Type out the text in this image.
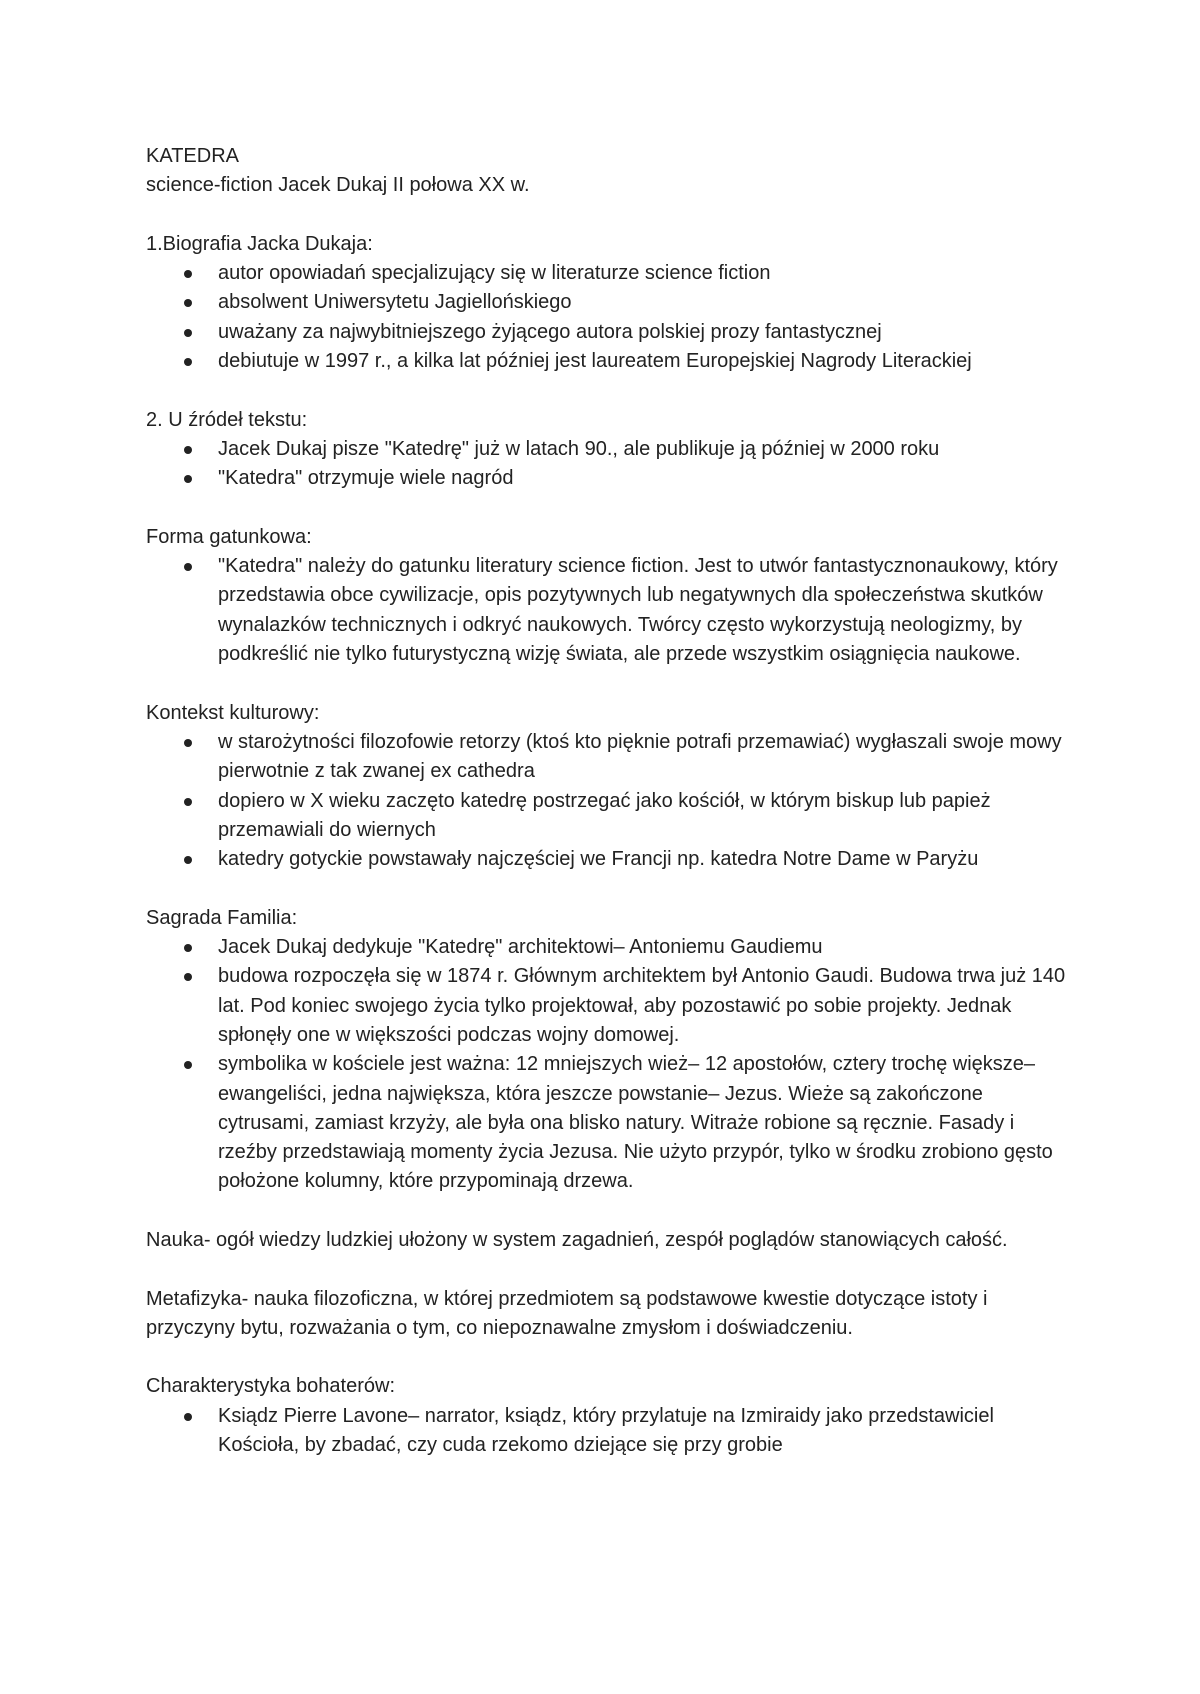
KATEDRA

science-fiction Jacek Dukaj II połowa XX w.

1.Biografia Jacka Dukaja:

autor opowiadań specjalizujący się w literaturze science fiction
absolwent Uniwersytetu Jagiellońskiego
uważany za najwybitniejszego żyjącego autora polskiej prozy fantastycznej
debiutuje w 1997 r., a kilka lat później jest laureatem Europejskiej Nagrody Literackiej

2. U źródeł tekstu:

Jacek Dukaj pisze "Katedrę" już w latach 90., ale publikuje ją później w 2000 roku
"Katedra" otrzymuje wiele nagród

Forma gatunkowa:

"Katedra" należy do gatunku literatury science fiction. Jest to utwór fantastycznonaukowy, który przedstawia obce cywilizacje, opis pozytywnych lub negatywnych dla społeczeństwa skutków wynalazków technicznych i odkryć naukowych. Twórcy często wykorzystują neologizmy, by podkreślić nie tylko futurystyczną wizję świata, ale przede wszystkim osiągnięcia naukowe.

Kontekst kulturowy:

w starożytności filozofowie retorzy (ktoś kto pięknie potrafi przemawiać) wygłaszali swoje mowy pierwotnie z tak zwanej ex cathedra
dopiero w X wieku zaczęto katedrę postrzegać jako kościół, w którym biskup lub papież przemawiali do wiernych
katedry gotyckie powstawały najczęściej we Francji np. katedra Notre Dame w Paryżu

Sagrada Familia:

Jacek Dukaj dedykuje "Katedrę" architektowi– Antoniemu Gaudiemu
budowa rozpoczęła się w 1874 r. Głównym architektem był Antonio Gaudi. Budowa trwa już 140 lat. Pod koniec swojego życia tylko projektował, aby pozostawić po sobie projekty. Jednak spłonęły one w większości podczas wojny domowej.
symbolika w kościele jest ważna: 12 mniejszych wież– 12 apostołów, cztery trochę większe– ewangeliści, jedna największa, która jeszcze powstanie– Jezus. Wieże są zakończone cytrusami, zamiast krzyży, ale była ona blisko natury. Witraże robione są ręcznie. Fasady i rzeźby przedstawiają momenty życia Jezusa. Nie użyto przypór, tylko w środku zrobiono gęsto położone kolumny, które przypominają drzewa.

Nauka- ogół wiedzy ludzkiej ułożony w system zagadnień, zespół poglądów stanowiących całość.

Metafizyka- nauka filozoficzna, w której przedmiotem są podstawowe kwestie dotyczące istoty i przyczyny bytu, rozważania o tym, co niepoznawalne zmysłom i doświadczeniu.

Charakterystyka bohaterów:

Ksiądz Pierre Lavone– narrator, ksiądz, który przylatuje na Izmiraidy jako przedstawiciel Kościoła, by zbadać, czy cuda rzekomo dziejące się przy grobie
